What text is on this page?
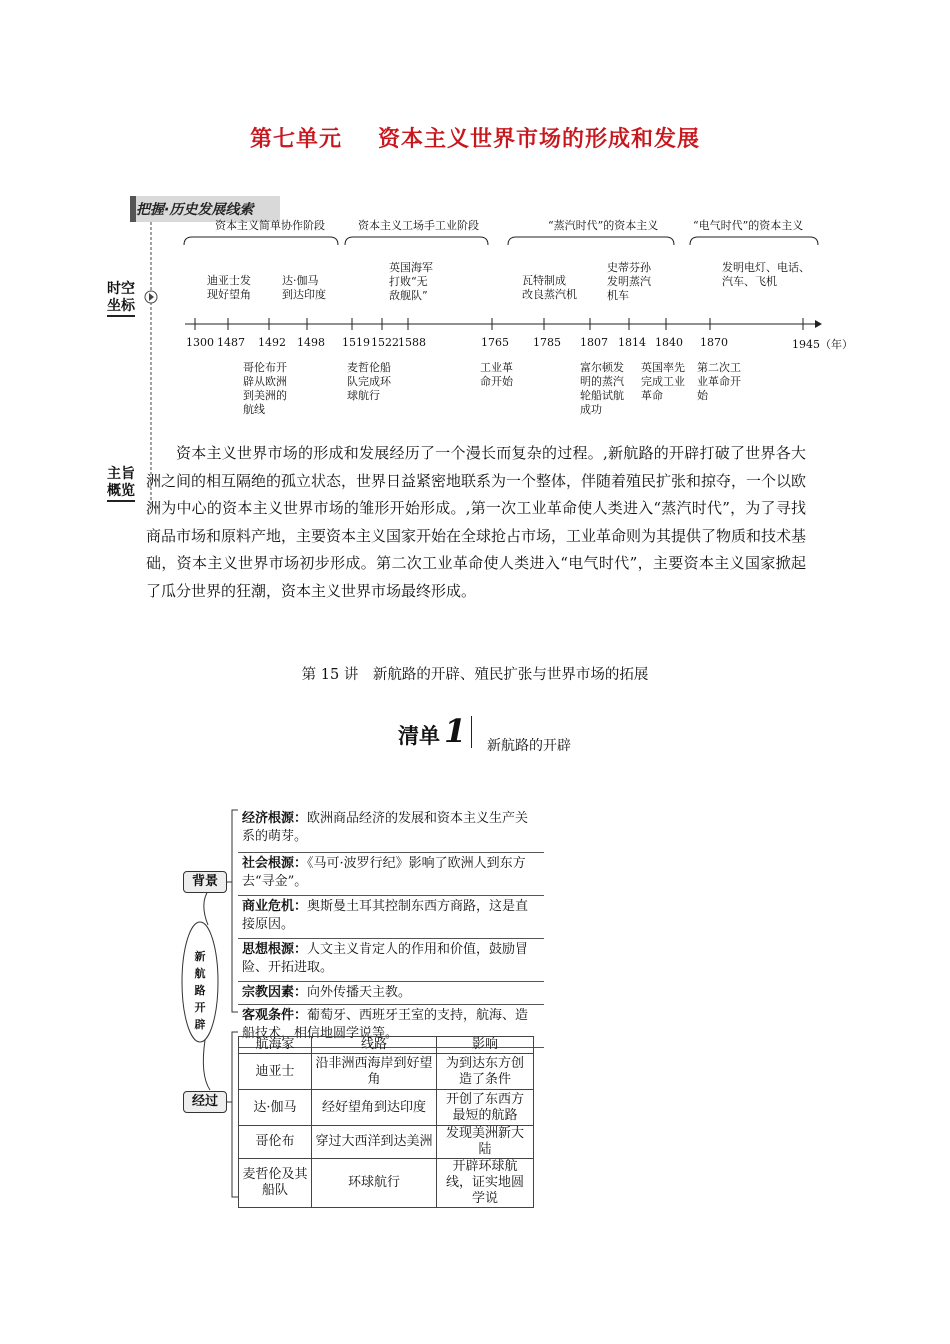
第七单元 资本主义世界市场的形成和发展
把握·历史发展线索
时空
坐标
主旨
概览
资本主义简单协作阶段	资本主义工场手工业阶段	“蒸汽时代”的资本主义	“电气时代”的资本主义
迪亚士发
现好望角
达·伽马
到达印度
英国海军
打败“无
敌舰队”
瓦特制成
改良蒸汽机
史蒂芬孙
发明蒸汽
机车
发明电灯、电话、
汽车、飞机
1300 1487 1492 1498 1519 1522 1588	1765 1785 1807 1814 1840 1870	1945（年）
哥伦布开
辟从欧洲
到美洲的
航线
麦哲伦船
队完成环
球航行
工业革
命开始
富尔顿发
明的蒸汽
轮船试航
成功
英国率先
完成工业
革命
第二次工
业革命开
始
资本主义世界市场的形成和发展经历了一个漫长而复杂的过程。,新航路的开辟打破了世界各大洲之间的相互隔绝的孤立状态，世界日益紧密地联系为一个整体，伴随着殖民扩张和掠夺，一个以欧洲为中心的资本主义世界市场的雏形开始形成。,第一次工业革命使人类进入“蒸汽时代”，为了寻找商品市场和原料产地，主要资本主义国家开始在全球抢占市场，工业革命则为其提供了物质和技术基础，资本主义世界市场初步形成。第二次工业革命使人类进入“电气时代”，主要资本主义国家掀起了瓜分世界的狂潮，资本主义世界市场最终形成。
第 15 讲　新航路的开辟、殖民扩张与世界市场的拓展
清单 1 新航路的开辟
新
航
路
开
辟
背景
经过
经济根源：欧洲商品经济的发展和资本主义生产关系的萌芽。
社会根源：《马可·波罗行纪》影响了欧洲人到东方去“寻金”。
商业危机：奥斯曼土耳其控制东西方商路，这是直接原因。
思想根源：人文主义肯定人的作用和价值，鼓励冒险、开拓进取。
宗教因素：向外传播天主教。
客观条件：葡萄牙、西班牙王室的支持，航海、造船技术，相信地圆学说等。
航海家	线路	影响
迪亚士	沿非洲西海岸到好望角	为到达东方创造了条件
达·伽马	经好望角到达印度	开创了东西方最短的航路
哥伦布	穿过大西洋到达美洲	发现美洲新大陆
麦哲伦及其船队	环球航行	开辟环球航线，证实地圆学说
